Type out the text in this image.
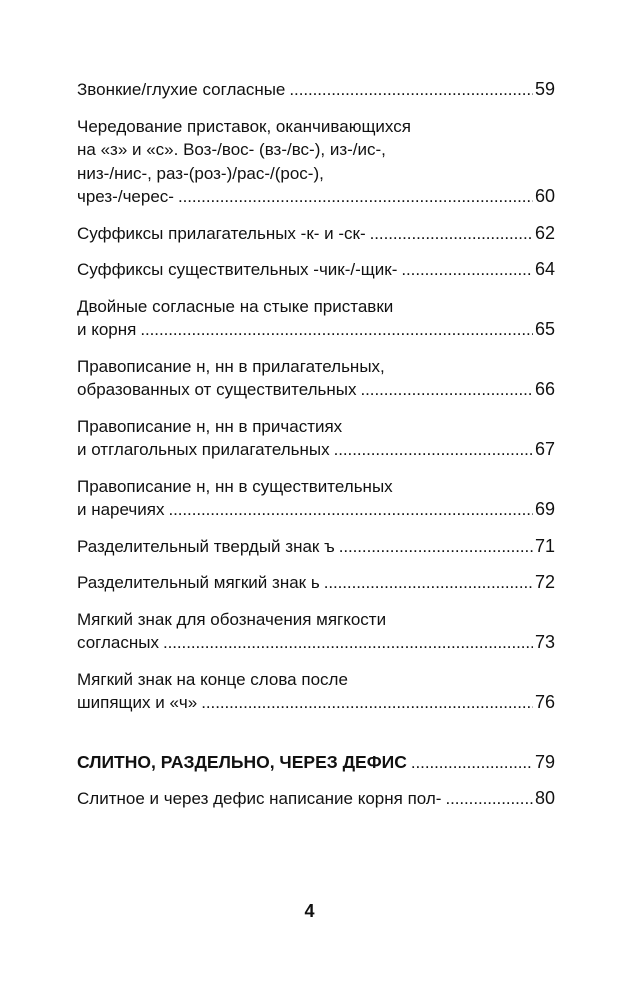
Звонкие/глухие согласные . . .	59
Чередование приставок, оканчивающихся
на «з» и «с». Воз-/вос- (вз-/вс-), из-/ис-,
низ-/нис-, раз-(роз-)/рас-/(рос-),
чрез-/черес- . . .	60
Суффиксы прилагательных -к- и -ск- . . .	62
Суффиксы существительных -чик-/-щик- . . .	64
Двойные согласные на стыке приставки
и корня . . .	65
Правописание н, нн в прилагательных,
образованных от существительных . . .	66
Правописание н, нн в причастиях
и отглагольных прилагательных . . .	67
Правописание н, нн в существительных
и наречиях . . .	69
Разделительный твердый знак ъ . . .	71
Разделительный мягкий знак ь . . .	72
Мягкий знак для обозначения мягкости
согласных . . .	73
Мягкий знак на конце слова после
шипящих и «ч» . . .	76
СЛИТНО, РАЗДЕЛЬНО, ЧЕРЕЗ ДЕФИС . . .	79
Слитное и через дефис написание корня пол- . . .	80
4
